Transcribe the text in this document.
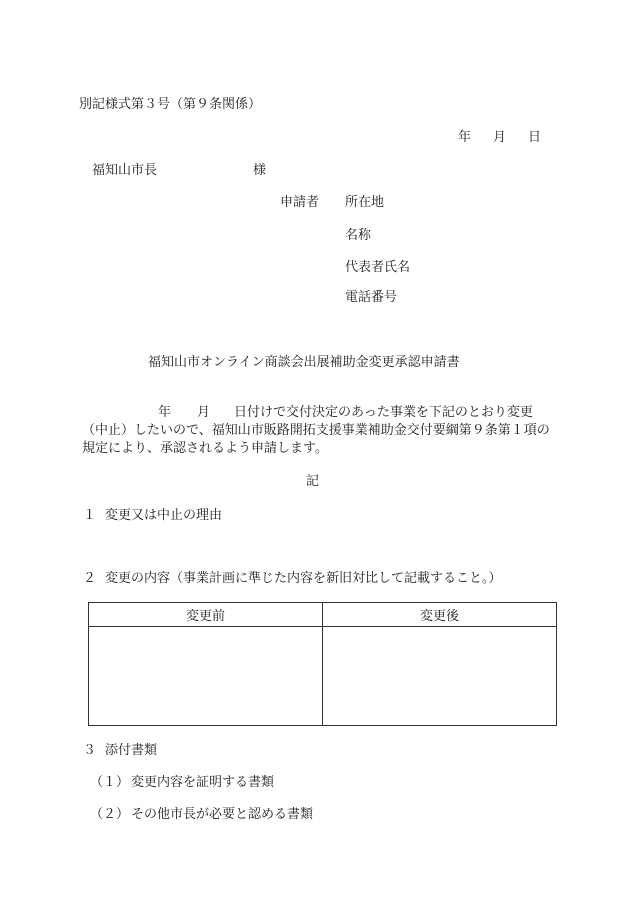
別記様式第３号（第９条関係）
年 月 日
福知山市長	様
申請者 所在地
名称
代表者氏名
電話番号
福知山市オンライン商談会出展補助金変更承認申請書
年 月 日付けで交付決定のあった事業を下記のとおり変更
（中止）したいので、福知山市販路開拓支援事業補助金交付要綱第９条第１項の
規定により、承認されるよう申請します。
記
１ 変更又は中止の理由
２ 変更の内容（事業計画に準じた内容を新旧対比して記載すること。）
変更前	変更後

３ 添付書類
（１） 変更内容を証明する書類
（２） その他市長が必要と認める書類
